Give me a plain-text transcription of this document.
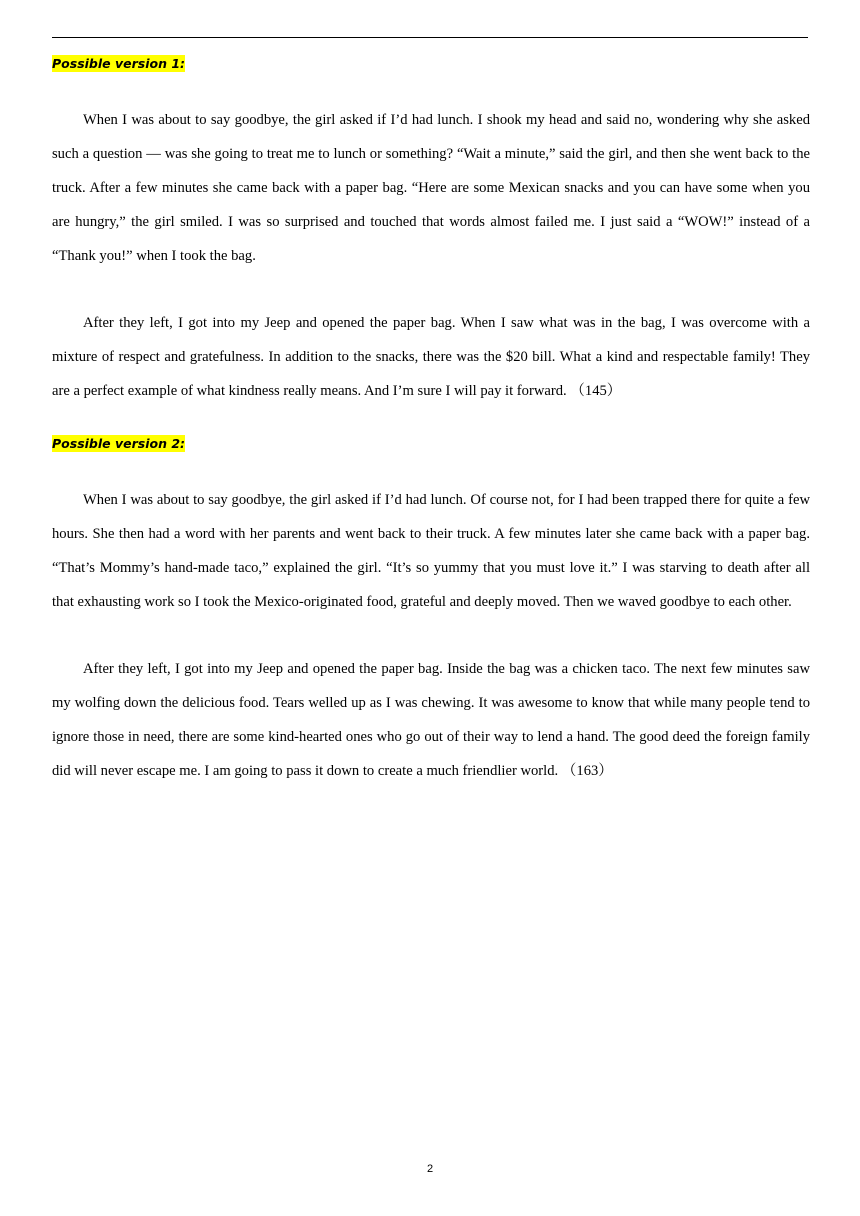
Possible version 1:

When I was about to say goodbye, the girl asked if I’d had lunch. I shook my head and said no, wondering why she asked such a question — was she going to treat me to lunch or something? “Wait a minute,” said the girl, and then she went back to the truck. After a few minutes she came back with a paper bag. “Here are some Mexican snacks and you can have some when you are hungry,” the girl smiled. I was so surprised and touched that words almost failed me. I just said a “WOW!” instead of a “Thank you!” when I took the bag.

After they left, I got into my Jeep and opened the paper bag. When I saw what was in the bag, I was overcome with a mixture of respect and gratefulness. In addition to the snacks, there was the $20 bill. What a kind and respectable family! They are a perfect example of what kindness really means. And I’m sure I will pay it forward. （145）

Possible version 2:

When I was about to say goodbye, the girl asked if I’d had lunch. Of course not, for I had been trapped there for quite a few hours. She then had a word with her parents and went back to their truck. A few minutes later she came back with a paper bag. “That’s Mommy’s hand-made taco,” explained the girl. “It’s so yummy that you must love it.” I was starving to death after all that exhausting work so I took the Mexico-originated food, grateful and deeply moved. Then we waved goodbye to each other.

After they left, I got into my Jeep and opened the paper bag. Inside the bag was a chicken taco. The next few minutes saw my wolfing down the delicious food. Tears welled up as I was chewing. It was awesome to know that while many people tend to ignore those in need, there are some kind-hearted ones who go out of their way to lend a hand. The good deed the foreign family did will never escape me. I am going to pass it down to create a much friendlier world. （163）

2
